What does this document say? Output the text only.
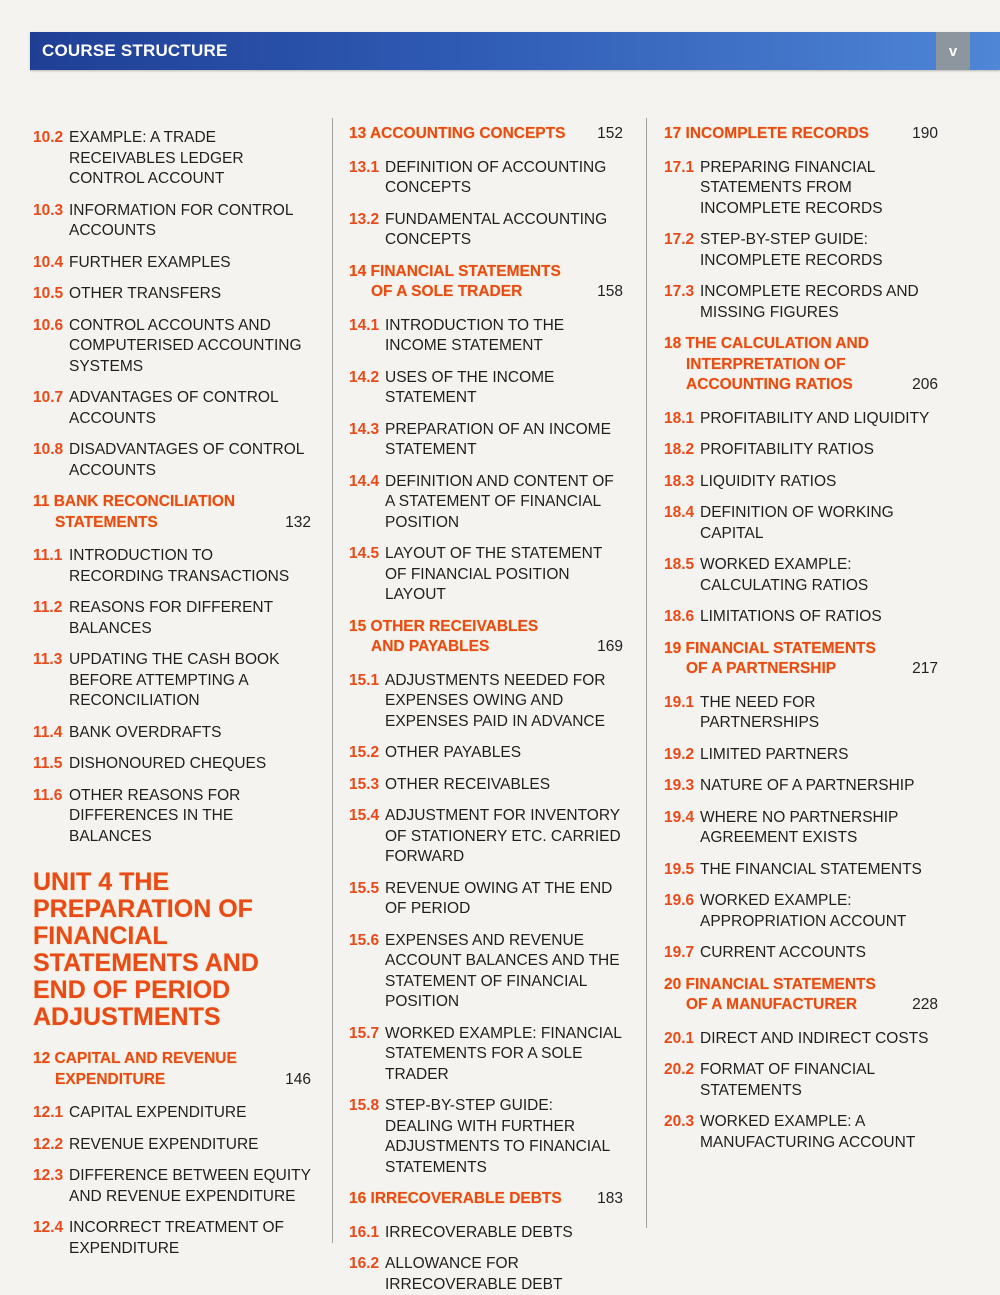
COURSE STRUCTURE	v
10.2 EXAMPLE: A TRADE RECEIVABLES LEDGER CONTROL ACCOUNT
10.3 INFORMATION FOR CONTROL ACCOUNTS
10.4 FURTHER EXAMPLES
10.5 OTHER TRANSFERS
10.6 CONTROL ACCOUNTS AND COMPUTERISED ACCOUNTING SYSTEMS
10.7 ADVANTAGES OF CONTROL ACCOUNTS
10.8 DISADVANTAGES OF CONTROL ACCOUNTS
11 BANK RECONCILIATION STATEMENTS	132
11.1 INTRODUCTION TO RECORDING TRANSACTIONS
11.2 REASONS FOR DIFFERENT BALANCES
11.3 UPDATING THE CASH BOOK BEFORE ATTEMPTING A RECONCILIATION
11.4 BANK OVERDRAFTS
11.5 DISHONOURED CHEQUES
11.6 OTHER REASONS FOR DIFFERENCES IN THE BALANCES
UNIT 4 THE PREPARATION OF FINANCIAL STATEMENTS AND END OF PERIOD ADJUSTMENTS
12 CAPITAL AND REVENUE EXPENDITURE	146
12.1 CAPITAL EXPENDITURE
12.2 REVENUE EXPENDITURE
12.3 DIFFERENCE BETWEEN EQUITY AND REVENUE EXPENDITURE
12.4 INCORRECT TREATMENT OF EXPENDITURE
13 ACCOUNTING CONCEPTS	152
13.1 DEFINITION OF ACCOUNTING CONCEPTS
13.2 FUNDAMENTAL ACCOUNTING CONCEPTS
14 FINANCIAL STATEMENTS OF A SOLE TRADER	158
14.1 INTRODUCTION TO THE INCOME STATEMENT
14.2 USES OF THE INCOME STATEMENT
14.3 PREPARATION OF AN INCOME STATEMENT
14.4 DEFINITION AND CONTENT OF A STATEMENT OF FINANCIAL POSITION
14.5 LAYOUT OF THE STATEMENT OF FINANCIAL POSITION LAYOUT
15 OTHER RECEIVABLES AND PAYABLES	169
15.1 ADJUSTMENTS NEEDED FOR EXPENSES OWING AND EXPENSES PAID IN ADVANCE
15.2 OTHER PAYABLES
15.3 OTHER RECEIVABLES
15.4 ADJUSTMENT FOR INVENTORY OF STATIONERY ETC. CARRIED FORWARD
15.5 REVENUE OWING AT THE END OF PERIOD
15.6 EXPENSES AND REVENUE ACCOUNT BALANCES AND THE STATEMENT OF FINANCIAL POSITION
15.7 WORKED EXAMPLE: FINANCIAL STATEMENTS FOR A SOLE TRADER
15.8 STEP-BY-STEP GUIDE: DEALING WITH FURTHER ADJUSTMENTS TO FINANCIAL STATEMENTS
16 IRRECOVERABLE DEBTS	183
16.1 IRRECOVERABLE DEBTS
16.2 ALLOWANCE FOR IRRECOVERABLE DEBT
17 INCOMPLETE RECORDS	190
17.1 PREPARING FINANCIAL STATEMENTS FROM INCOMPLETE RECORDS
17.2 STEP-BY-STEP GUIDE: INCOMPLETE RECORDS
17.3 INCOMPLETE RECORDS AND MISSING FIGURES
18 THE CALCULATION AND INTERPRETATION OF ACCOUNTING RATIOS	206
18.1 PROFITABILITY AND LIQUIDITY
18.2 PROFITABILITY RATIOS
18.3 LIQUIDITY RATIOS
18.4 DEFINITION OF WORKING CAPITAL
18.5 WORKED EXAMPLE: CALCULATING RATIOS
18.6 LIMITATIONS OF RATIOS
19 FINANCIAL STATEMENTS OF A PARTNERSHIP	217
19.1 THE NEED FOR PARTNERSHIPS
19.2 LIMITED PARTNERS
19.3 NATURE OF A PARTNERSHIP
19.4 WHERE NO PARTNERSHIP AGREEMENT EXISTS
19.5 THE FINANCIAL STATEMENTS
19.6 WORKED EXAMPLE: APPROPRIATION ACCOUNT
19.7 CURRENT ACCOUNTS
20 FINANCIAL STATEMENTS OF A MANUFACTURER	228
20.1 DIRECT AND INDIRECT COSTS
20.2 FORMAT OF FINANCIAL STATEMENTS
20.3 WORKED EXAMPLE: A MANUFACTURING ACCOUNT
